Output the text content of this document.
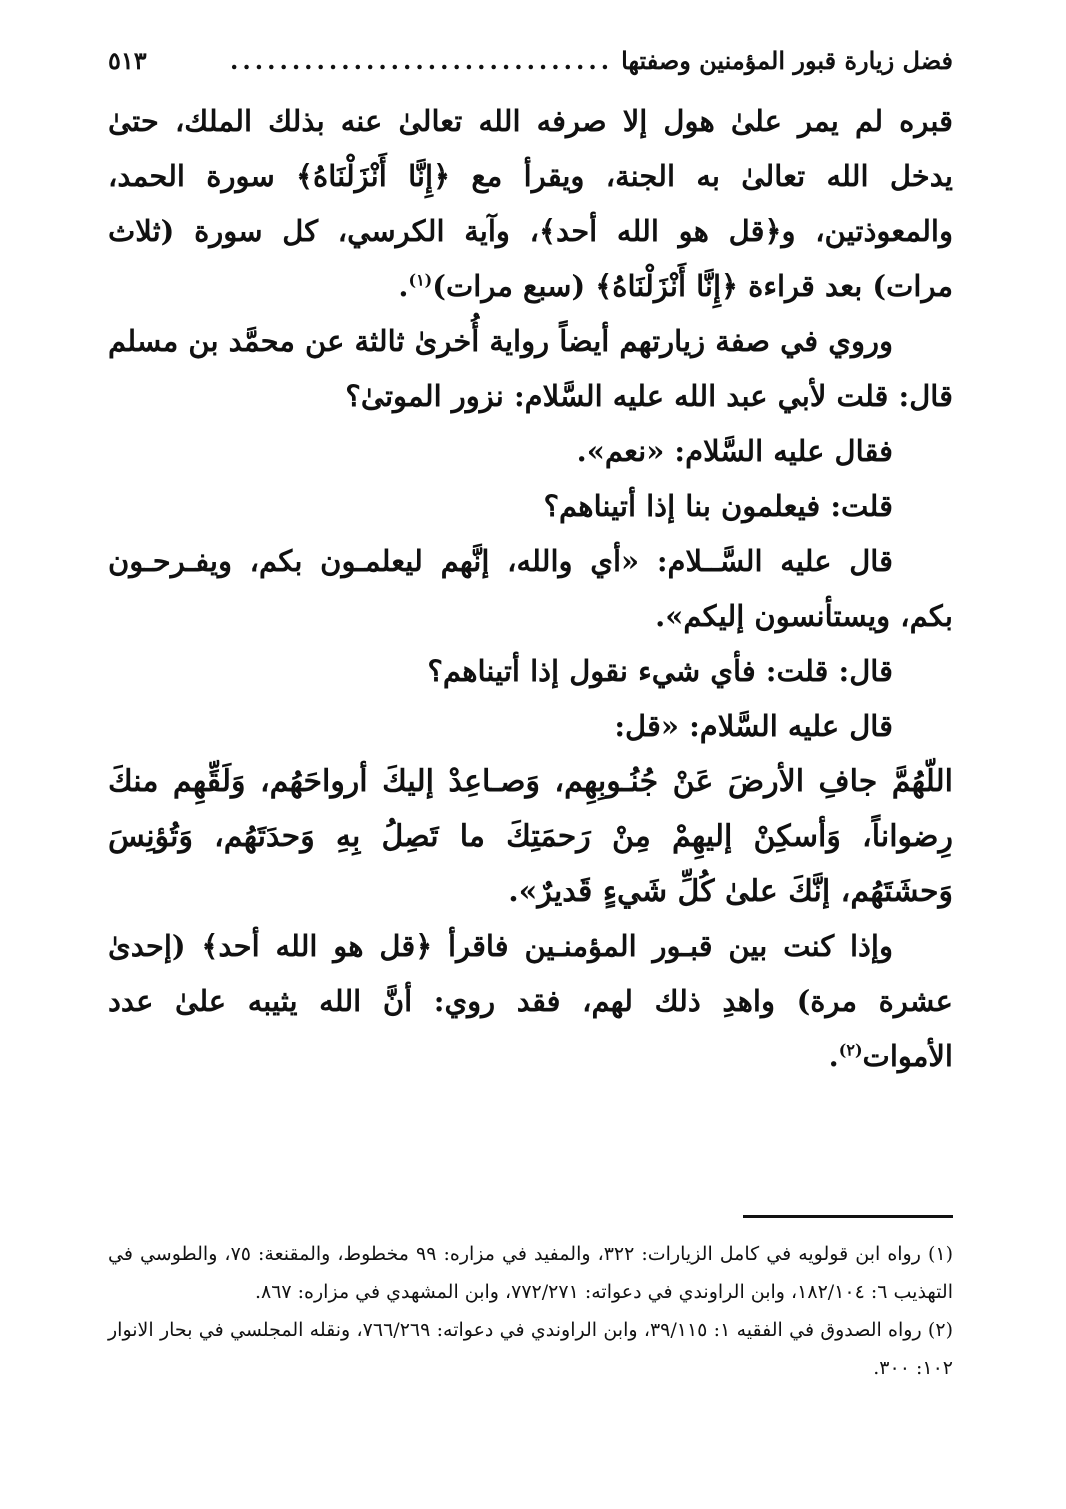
فضل زيارة قبور المؤمنين وصفتها
...............................
٥١٣

قبره لم يمر علىٰ هول إلا صرفه الله تعالىٰ عنه بذلك الملك، حتىٰ يدخل الله تعالىٰ به الجنة، ويقرأ مع ﴿إِنَّا أَنْزَلْنَاهُ﴾ سورة الحمد، والمعوذتين، و﴿قل هو الله أحد﴾، وآية الكرسي، كل سورة (ثلاث مرات) بعد قراءة ﴿إِنَّا أَنْزَلْنَاهُ﴾ (سبع مرات)$^{(١)}$.

وروي في صفة زيارتهم أيضاً رواية أُخرىٰ ثالثة عن محمَّد بن مسلم قال: قلت لأبي عبد الله عليه السَّلام: نزور الموتىٰ؟

فقال عليه السَّلام: «نعم».

قلت: فيعلمون بنا إذا أتيناهم؟

قال عليه السَّــلام: «أي والله، إنَّهم ليعلمـون بكم، ويفـرحـون بكم، ويستأنسون إليكم».

قال: قلت: فأي شيء نقول إذا أتيناهم؟

قال عليه السَّلام: «قل:

اللّهُمَّ جافِ الأرضَ عَنْ جُنُـوبِهِم، وَصـاعِدْ إليكَ أرواحَهُم، وَلَقِّهِم منكَ رِضواناً، وَأسكِنْ إليهِمْ مِنْ رَحمَتِكَ ما تَصِلُ بِهِ وَحدَتَهُم، وَتُؤنِسَ وَحشَتَهُم، إنَّكَ علىٰ كُلِّ شَيءٍ قَديرٌ».

وإذا كنت بين قبـور المؤمنـين فاقرأ ﴿قل هو الله أحد﴾ (إحدىٰ عشرة مرة) واهدِ ذلك لهم، فقد روي: أنَّ الله يثيبه علىٰ عدد الأموات$^{(٢)}$.

(١) رواه ابن قولويه في كامل الزيارات: ٣٢٢، والمفيد في مزاره: ٩٩ مخطوط، والمقنعة: ٧٥، والطوسي في التهذيب ٦: ١٨٢/١٠٤، وابن الراوندي في دعواته: ٧٧٢/٢٧١، وابن المشهدي في مزاره: ٨٦٧.

(٢) رواه الصدوق في الفقيه ١: ٣٩/١١٥، وابن الراوندي في دعواته: ٧٦٦/٢٦٩، ونقله المجلسي في بحار الانوار ١٠٢: ٣٠٠.
